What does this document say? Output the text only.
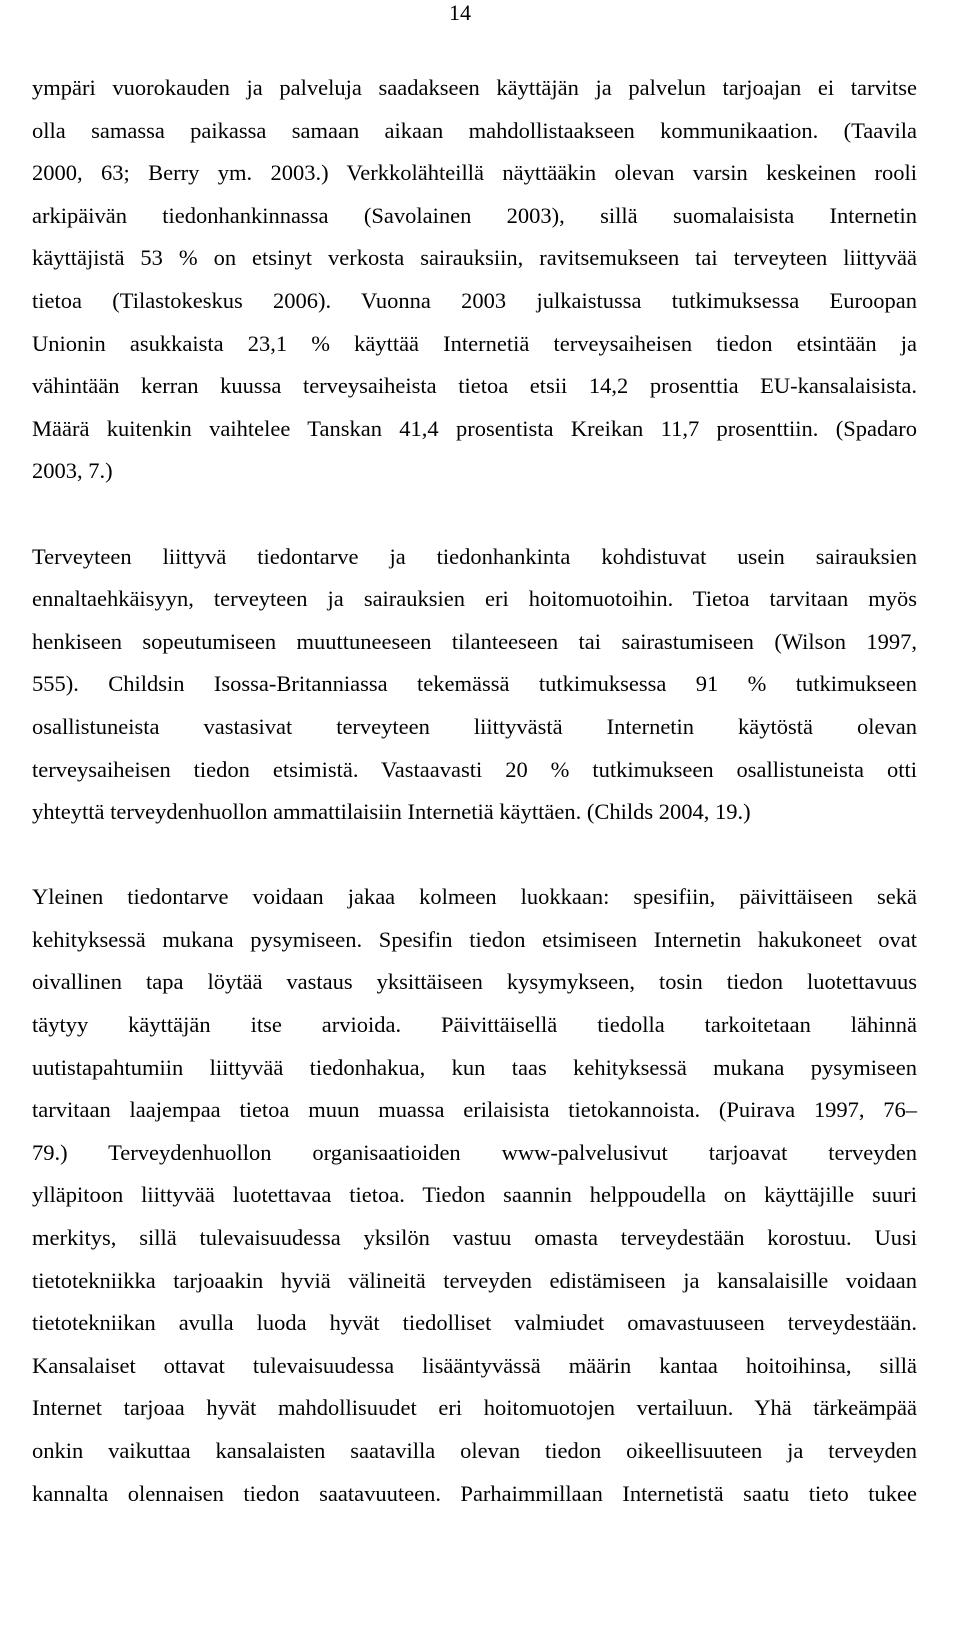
14
ympäri vuorokauden ja palveluja saadakseen käyttäjän ja palvelun tarjoajan ei tarvitse
olla samassa paikassa samaan aikaan mahdollistaakseen kommunikaation. (Taavila
2000, 63; Berry ym. 2003.) Verkkolähteillä näyttääkin olevan varsin keskeinen rooli
arkipäivän tiedonhankinnassa (Savolainen 2003), sillä suomalaisista Internetin
käyttäjistä 53 % on etsinyt verkosta sairauksiin, ravitsemukseen tai terveyteen liittyvää
tietoa (Tilastokeskus 2006). Vuonna 2003 julkaistussa tutkimuksessa Euroopan
Unionin asukkaista 23,1 % käyttää Internetiä terveysaiheisen tiedon etsintään ja
vähintään kerran kuussa terveysaiheista tietoa etsii 14,2 prosenttia EU-kansalaisista.
Määrä kuitenkin vaihtelee Tanskan 41,4 prosentista Kreikan 11,7 prosenttiin. (Spadaro
2003, 7.)
Terveyteen liittyvä tiedontarve ja tiedonhankinta kohdistuvat usein sairauksien
ennaltaehkäisyyn, terveyteen ja sairauksien eri hoitomuotoihin. Tietoa tarvitaan myös
henkiseen sopeutumiseen muuttuneeseen tilanteeseen tai sairastumiseen (Wilson 1997,
555). Childsin Isossa-Britanniassa tekemässä tutkimuksessa 91 % tutkimukseen
osallistuneista vastasivat terveyteen liittyvästä Internetin käytöstä olevan
terveysaiheisen tiedon etsimistä. Vastaavasti 20 % tutkimukseen osallistuneista otti
yhteyttä terveydenhuollon ammattilaisiin Internetiä käyttäen. (Childs 2004, 19.)
Yleinen tiedontarve voidaan jakaa kolmeen luokkaan: spesifiin, päivittäiseen sekä
kehityksessä mukana pysymiseen. Spesifin tiedon etsimiseen Internetin hakukoneet ovat
oivallinen tapa löytää vastaus yksittäiseen kysymykseen, tosin tiedon luotettavuus
täytyy käyttäjän itse arvioida. Päivittäisellä tiedolla tarkoitetaan lähinnä
uutistapahtumiin liittyvää tiedonhakua, kun taas kehityksessä mukana pysymiseen
tarvitaan laajempaa tietoa muun muassa erilaisista tietokannoista. (Puirava 1997, 76–
79.) Terveydenhuollon organisaatioiden www-palvelusivut tarjoavat terveyden
ylläpitoon liittyvää luotettavaa tietoa. Tiedon saannin helppoudella on käyttäjille suuri
merkitys, sillä tulevaisuudessa yksilön vastuu omasta terveydestään korostuu. Uusi
tietotekniikka tarjoaakin hyviä välineitä terveyden edistämiseen ja kansalaisille voidaan
tietotekniikan avulla luoda hyvät tiedolliset valmiudet omavastuuseen terveydestään.
Kansalaiset ottavat tulevaisuudessa lisääntyvässä määrin kantaa hoitoihinsa, sillä
Internet tarjoaa hyvät mahdollisuudet eri hoitomuotojen vertailuun. Yhä tärkeämpää
onkin vaikuttaa kansalaisten saatavilla olevan tiedon oikeellisuuteen ja terveyden
kannalta olennaisen tiedon saatavuuteen. Parhaimmillaan Internetistä saatu tieto tukee
